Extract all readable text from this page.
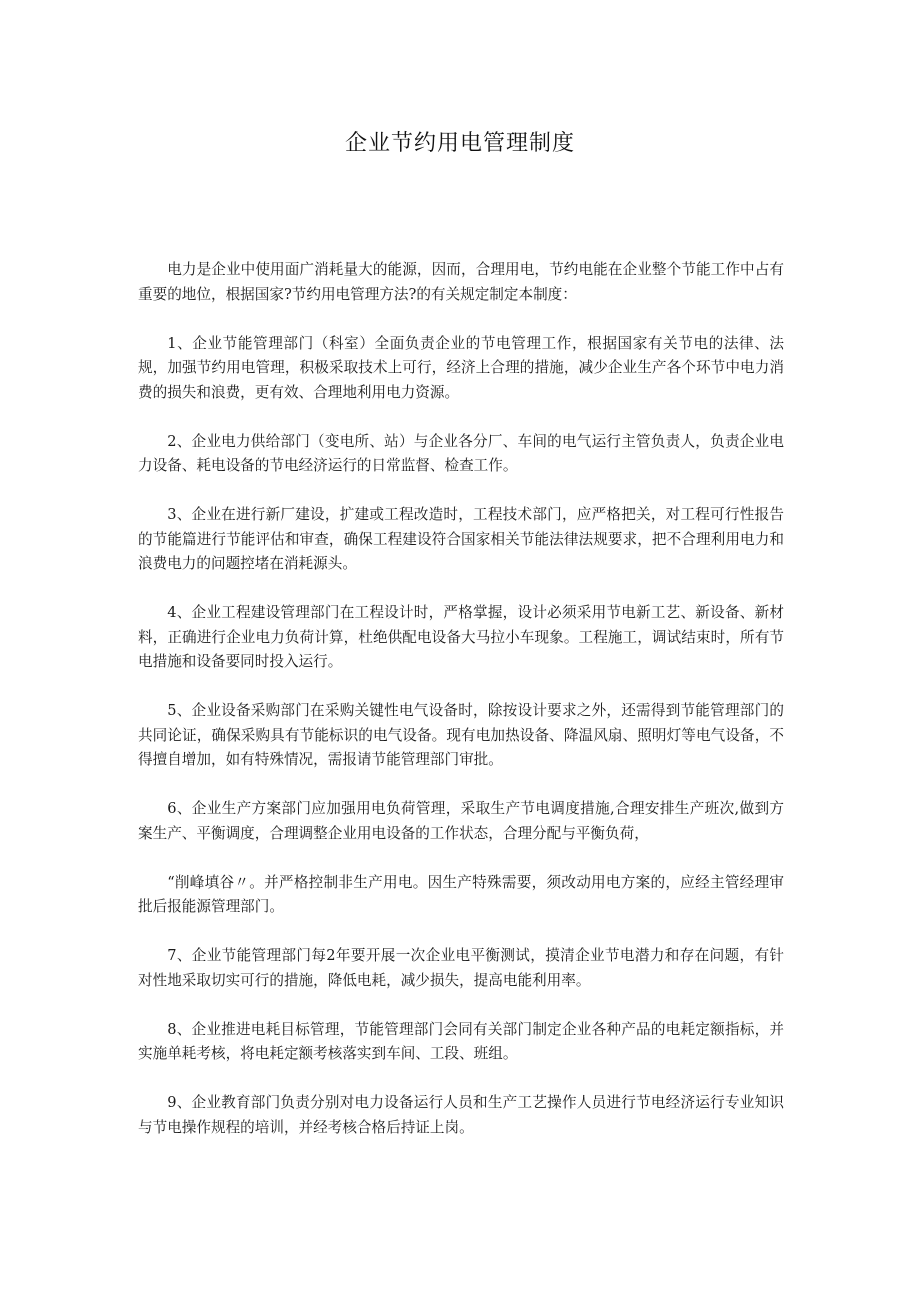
企业节约用电管理制度

电力是企业中使用面广消耗量大的能源，因而，合理用电，节约电能在企业整个节能工作中占有重要的地位，根据国家?节约用电管理方法?的有关规定制定本制度：

1、企业节能管理部门（科室）全面负责企业的节电管理工作，根据国家有关节电的法律、法规，加强节约用电管理，积极采取技术上可行，经济上合理的措施，减少企业生产各个环节中电力消费的损失和浪费，更有效、合理地利用电力资源。

2、企业电力供给部门（变电所、站）与企业各分厂、车间的电气运行主管负责人，负责企业电力设备、耗电设备的节电经济运行的日常监督、检查工作。

3、企业在进行新厂建设，扩建或工程改造时，工程技术部门，应严格把关，对工程可行性报告的节能篇进行节能评估和审查，确保工程建设符合国家相关节能法律法规要求，把不合理利用电力和浪费电力的问题控堵在消耗源头。

4、企业工程建设管理部门在工程设计时，严格掌握，设计必须采用节电新工艺、新设备、新材料，正确进行企业电力负荷计算，杜绝供配电设备大马拉小车现象。工程施工，调试结束时，所有节电措施和设备要同时投入运行。

5、企业设备采购部门在采购关键性电气设备时，除按设计要求之外，还需得到节能管理部门的共同论证，确保采购具有节能标识的电气设备。现有电加热设备、降温风扇、照明灯等电气设备，不得擅自增加，如有特殊情况，需报请节能管理部门审批。

6、企业生产方案部门应加强用电负荷管理，采取生产节电调度措施,合理安排生产班次,做到方案生产、平衡调度，合理调整企业用电设备的工作状态，合理分配与平衡负荷，

“削峰填谷〃。并严格控制非生产用电。因生产特殊需要，须改动用电方案的，应经主管经理审批后报能源管理部门。

7、企业节能管理部门每2年要开展一次企业电平衡测试，摸清企业节电潜力和存在问题，有针对性地采取切实可行的措施，降低电耗，减少损失，提高电能利用率。

8、企业推进电耗目标管理，节能管理部门会同有关部门制定企业各种产品的电耗定额指标，并实施单耗考核，将电耗定额考核落实到车间、工段、班组。

9、企业教育部门负责分别对电力设备运行人员和生产工艺操作人员进行节电经济运行专业知识与节电操作规程的培训，并经考核合格后持证上岗。
